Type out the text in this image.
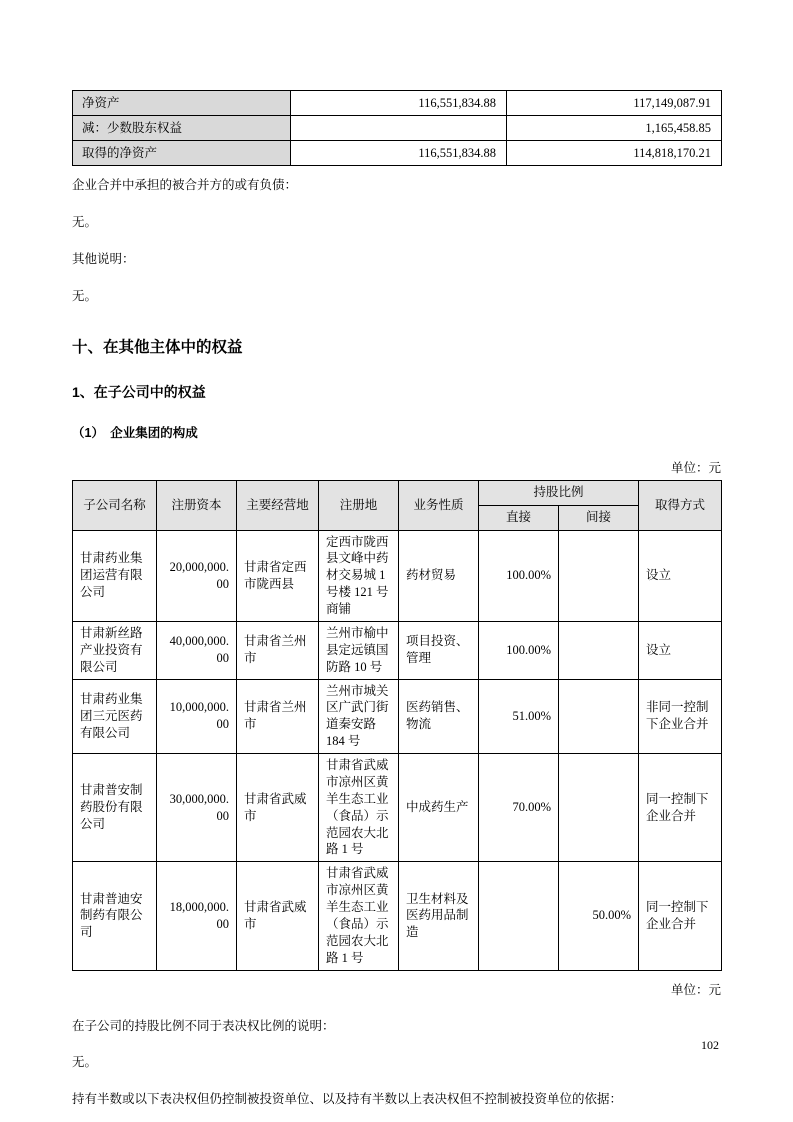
净资产	116,551,834.88	117,149,087.91
减：少数股东权益		1,165,458.85
取得的净资产	116,551,834.88	114,818,170.21

企业合并中承担的被合并方的或有负债：

无。

其他说明：

无。

十、在其他主体中的权益
1、在子公司中的权益
（1）　企业集团的构成
单位：元
子公司名称	注册资本	主要经营地	注册地	业务性质	持股比例		取得方式
					直接	间接	
甘肃药业集团运营有限公司	20,000,000.00	甘肃省定西市陇西县	定西市陇西县文峰中药材交易城 1 号楼 121 号商铺	药材贸易	100.00%		设立
甘肃新丝路产业投资有限公司	40,000,000.00	甘肃省兰州市	兰州市榆中县定远镇国防路 10 号	项目投资、管理	100.00%		设立
甘肃药业集团三元医药有限公司	10,000,000.00	甘肃省兰州市	兰州市城关区广武门街道秦安路 184 号	医药销售、物流	51.00%		非同一控制下企业合并
甘肃普安制药股份有限公司	30,000,000.00	甘肃省武威市	甘肃省武威市凉州区黄羊生态工业（食品）示范园农大北路 1 号	中成药生产	70.00%		同一控制下企业合并
甘肃普迪安制药有限公司	18,000,000.00	甘肃省武威市	甘肃省武威市凉州区黄羊生态工业（食品）示范园农大北路 1 号	卫生材料及医药用品制造		50.00%	同一控制下企业合并
单位：元

在子公司的持股比例不同于表决权比例的说明：

无。

持有半数或以下表决权但仍控制被投资单位、以及持有半数以上表决权但不控制被投资单位的依据：

102
